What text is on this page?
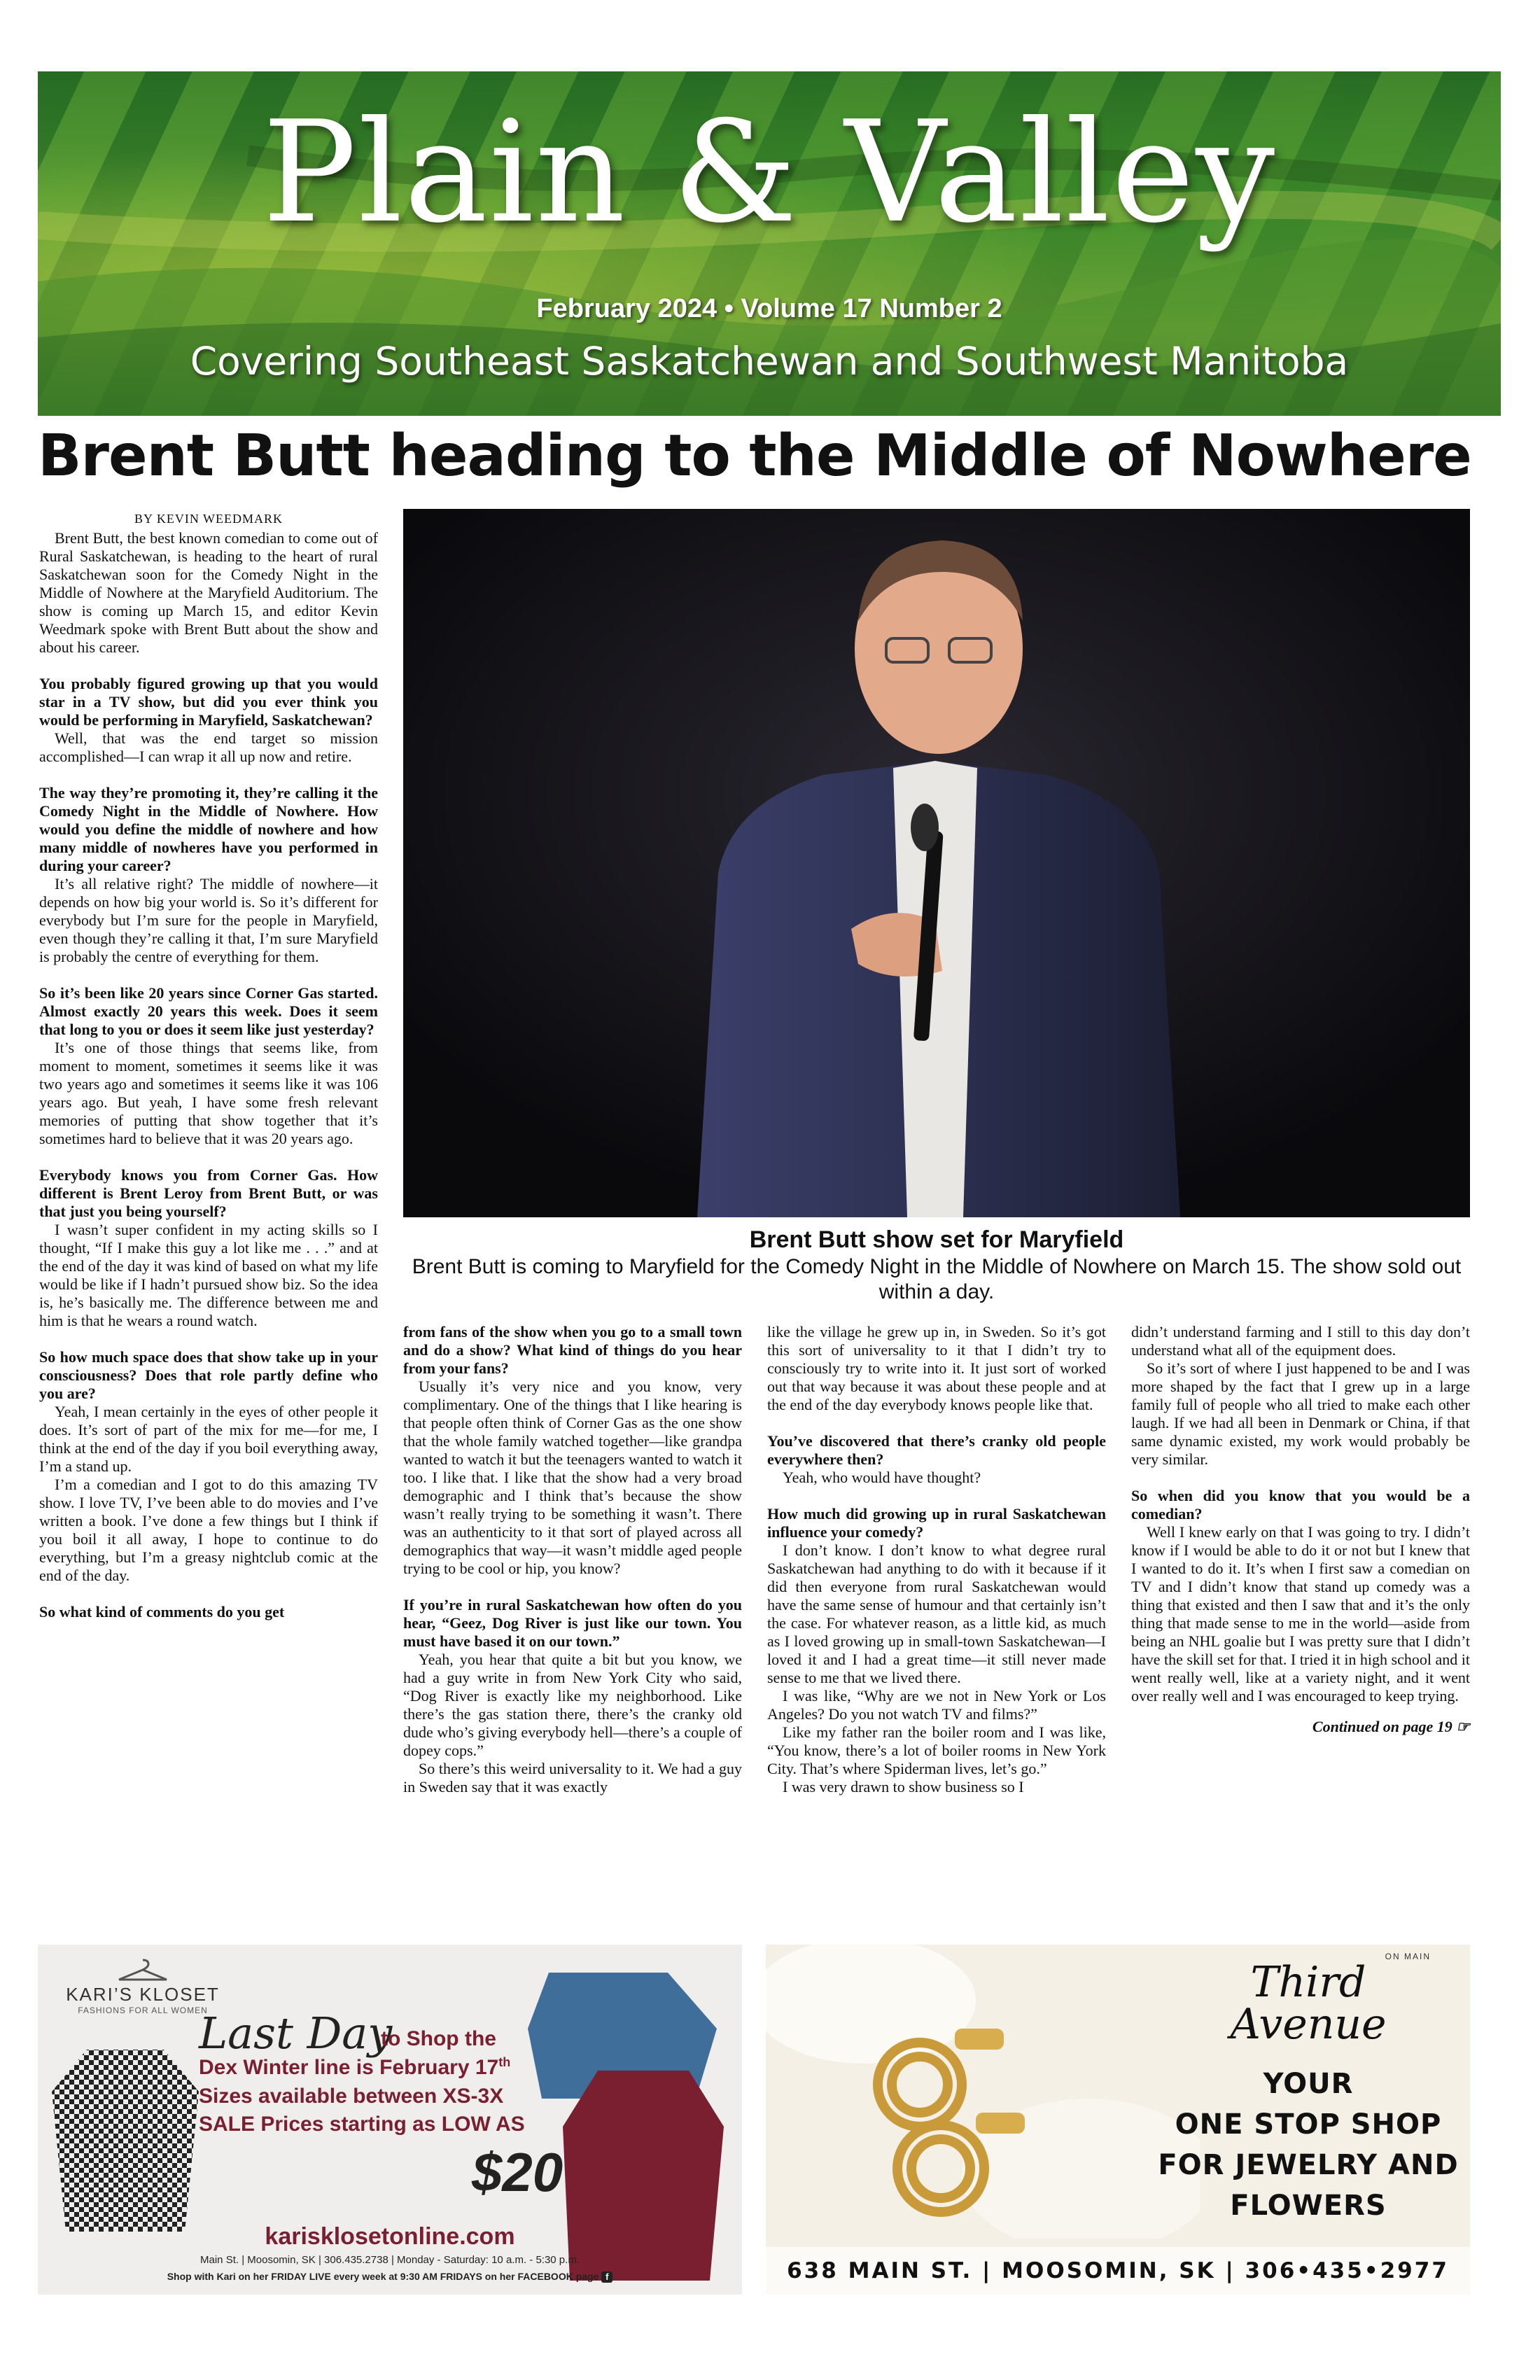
Plain & Valley
February 2024 • Volume 17 Number 2
Covering Southeast Saskatchewan and Southwest Manitoba
Brent Butt heading to the Middle of Nowhere

BY KEVIN WEEDMARK

Brent Butt, the best known comedian to come out of Rural Saskatchewan, is heading to the heart of rural Saskatchewan soon for the Comedy Night in the Middle of Nowhere at the Maryfield Auditorium. The show is coming up March 15, and editor Kevin Weedmark spoke with Brent Butt about the show and about his career.

You probably figured growing up that you would star in a TV show, but did you ever think you would be performing in Maryfield, Saskatchewan?

Well, that was the end target so mission accomplished—I can wrap it all up now and retire.

The way they’re promoting it, they’re calling it the Comedy Night in the Middle of Nowhere. How would you define the middle of nowhere and how many middle of nowheres have you performed in during your career?

It’s all relative right? The middle of nowhere—it depends on how big your world is. So it’s different for everybody but I’m sure for the people in Maryfield, even though they’re calling it that, I’m sure Maryfield is probably the centre of everything for them.

So it’s been like 20 years since Corner Gas started. Almost exactly 20 years this week. Does it seem that long to you or does it seem like just yesterday?

It’s one of those things that seems like, from moment to moment, sometimes it seems like it was two years ago and sometimes it seems like it was 106 years ago. But yeah, I have some fresh relevant memories of putting that show together that it’s sometimes hard to believe that it was 20 years ago.

Everybody knows you from Corner Gas. How different is Brent Leroy from Brent Butt, or was that just you being yourself?

I wasn’t super confident in my acting skills so I thought, “If I make this guy a lot like me . . .” and at the end of the day it was kind of based on what my life would be like if I hadn’t pursued show biz. So the idea is, he’s basically me. The difference between me and him is that he wears a round watch.

So how much space does that show take up in your consciousness? Does that role partly define who you are?

Yeah, I mean certainly in the eyes of other people it does. It’s sort of part of the mix for me—for me, I think at the end of the day if you boil everything away, I’m a stand up.

I’m a comedian and I got to do this amazing TV show. I love TV, I’ve been able to do movies and I’ve written a book. I’ve done a few things but I think if you boil it all away, I hope to continue to do everything, but I’m a greasy nightclub comic at the end of the day.

So what kind of comments do you get

Brent Butt show set for Maryfield
Brent Butt is coming to Maryfield for the Comedy Night in the Middle of Nowhere on March 15. The show sold out within a day.

from fans of the show when you go to a small town and do a show? What kind of things do you hear from your fans?

Usually it’s very nice and you know, very complimentary. One of the things that I like hearing is that people often think of Corner Gas as the one show that the whole family watched together—like grandpa wanted to watch it but the teenagers wanted to watch it too. I like that. I like that the show had a very broad demographic and I think that’s because the show wasn’t really trying to be something it wasn’t. There was an authenticity to it that sort of played across all demographics that way—it wasn’t middle aged people trying to be cool or hip, you know?

If you’re in rural Saskatchewan how often do you hear, “Geez, Dog River is just like our town. You must have based it on our town.”

Yeah, you hear that quite a bit but you know, we had a guy write in from New York City who said, “Dog River is exactly like my neighborhood. Like there’s the gas station there, there’s the cranky old dude who’s giving everybody hell—there’s a couple of dopey cops.”

So there’s this weird universality to it. We had a guy in Sweden say that it was exactly

like the village he grew up in, in Sweden. So it’s got this sort of universality to it that I didn’t try to consciously try to write into it. It just sort of worked out that way because it was about these people and at the end of the day everybody knows people like that.

You’ve discovered that there’s cranky old people everywhere then?

Yeah, who would have thought?

How much did growing up in rural Saskatchewan influence your comedy?

I don’t know. I don’t know to what degree rural Saskatchewan had anything to do with it because if it did then everyone from rural Saskatchewan would have the same sense of humour and that certainly isn’t the case. For whatever reason, as a little kid, as much as I loved growing up in small-town Saskatchewan—I loved it and I had a great time—it still never made sense to me that we lived there.

I was like, “Why are we not in New York or Los Angeles? Do you not watch TV and films?”

Like my father ran the boiler room and I was like, “You know, there’s a lot of boiler rooms in New York City. That’s where Spiderman lives, let’s go.”

I was very drawn to show business so I

didn’t understand farming and I still to this day don’t understand what all of the equipment does.

So it’s sort of where I just happened to be and I was more shaped by the fact that I grew up in a large family full of people who all tried to make each other laugh. If we had all been in Denmark or China, if that same dynamic existed, my work would probably be very similar.

So when did you know that you would be a comedian?

Well I knew early on that I was going to try. I didn’t know if I would be able to do it or not but I knew that I wanted to do it. It’s when I first saw a comedian on TV and I didn’t know that stand up comedy was a thing that existed and then I saw that and it’s the only thing that made sense to me in the world—aside from being an NHL goalie but I was pretty sure that I didn’t have the skill set for that. I tried it in high school and it went really well, like at a variety night, and it went over really well and I was encouraged to keep trying.

Continued on page 19 ☞

KARI’S KLOSET
FASHIONS FOR ALL WOMEN
Last Day
to Shop the
Dex Winter line is February 17th
Sizes available between XS-3X
SALE Prices starting as LOW AS
$20
karisklosetonline.com
Main St. | Moosomin, SK | 306.435.2738 | Monday - Saturday: 10 a.m. - 5:30 p.m.
Shop with Kari on her FRIDAY LIVE every week at 9:30 AM FRIDAYS on her FACEBOOK page f
ON MAIN
Third
Avenue
YOUR
ONE STOP SHOP
FOR JEWELRY AND
FLOWERS
638 MAIN ST. | MOOSOMIN, SK | 306•435•2977
